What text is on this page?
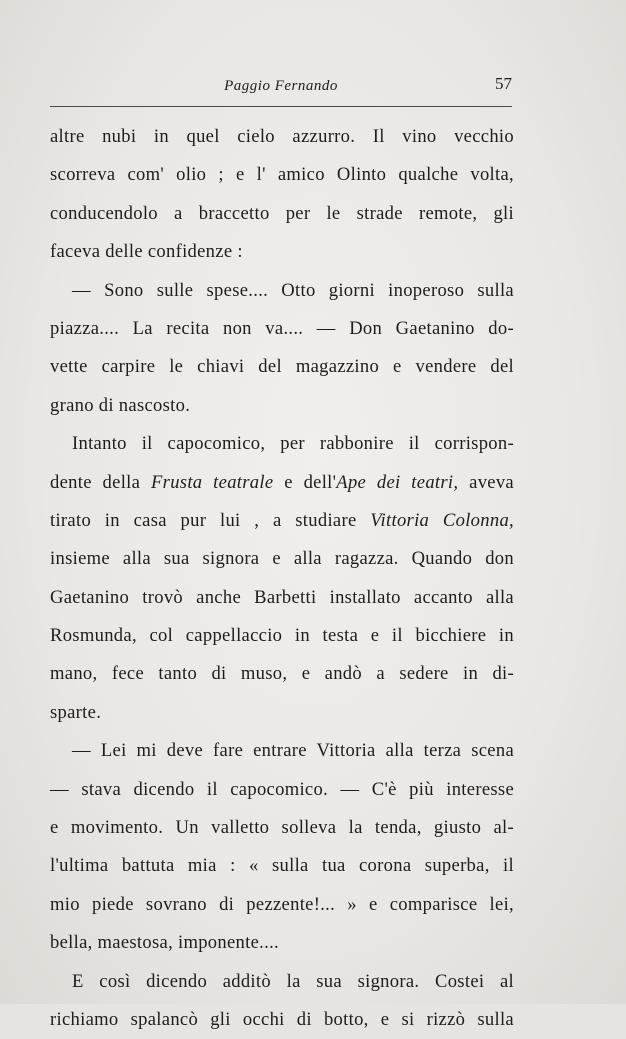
Paggio Fernando	57
altre nubi in quel cielo azzurro. Il vino vecchio
scorreva com' olio ; e l' amico Olinto qualche volta,
conducendolo a braccetto per le strade remote, gli
faceva delle confidenze :
— Sono sulle spese.... Otto giorni inoperoso sulla
piazza.... La recita non va.... — Don Gaetanino do-
vette carpire le chiavi del magazzino e vendere del
grano di nascosto.
Intanto il capocomico, per rabbonire il corrispon-
dente della Frusta teatrale e dell'Ape dei teatri, aveva
tirato in casa pur lui , a studiare Vittoria Colonna,
insieme alla sua signora e alla ragazza. Quando don
Gaetanino trovò anche Barbetti installato accanto alla
Rosmunda, col cappellaccio in testa e il bicchiere in
mano, fece tanto di muso, e andò a sedere in di-
sparte.
— Lei mi deve fare entrare Vittoria alla terza scena
— stava dicendo il capocomico. — C'è più interesse
e movimento. Un valletto solleva la tenda, giusto al-
l'ultima battuta mia : « sulla tua corona superba, il
mio piede sovrano di pezzente!... » e comparisce lei,
bella, maestosa, imponente....
E così dicendo additò la sua signora. Costei al
richiamo spalancò gli occhi di botto, e si rizzò sulla
